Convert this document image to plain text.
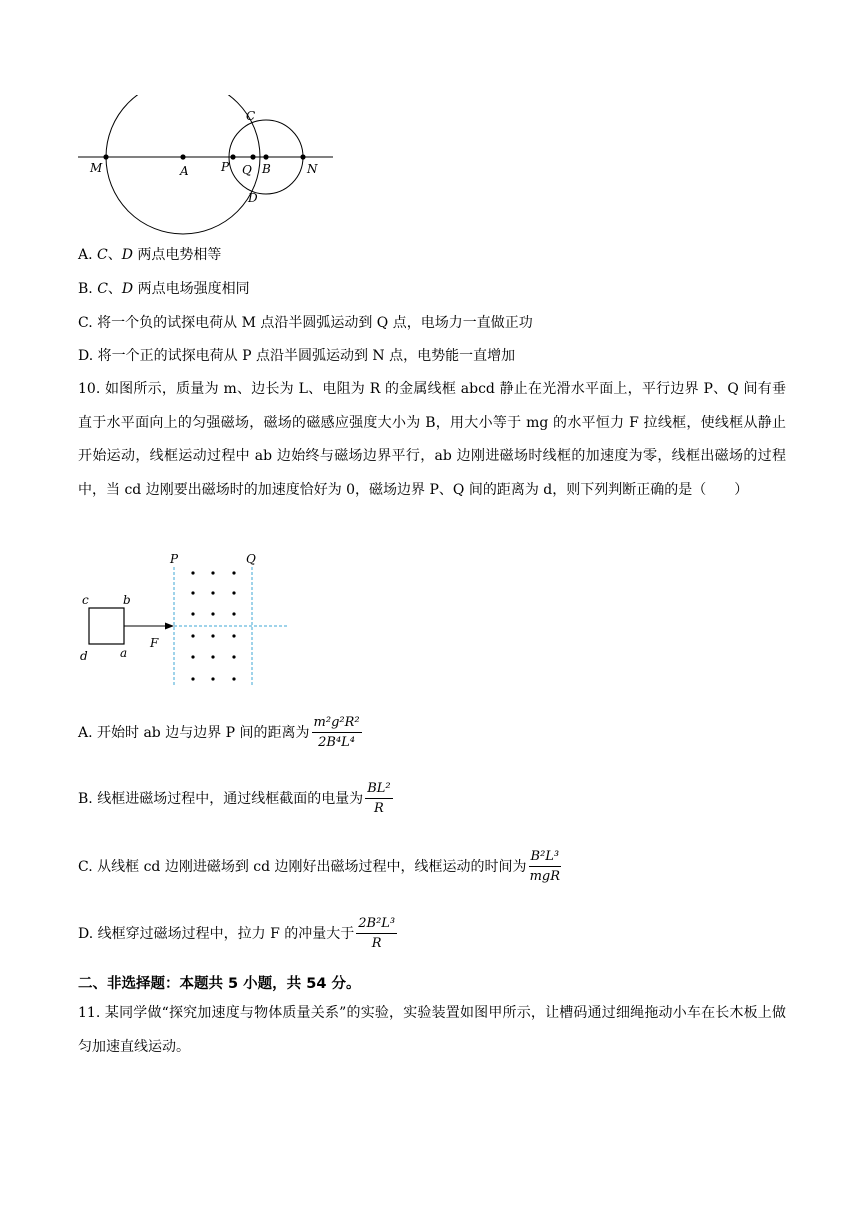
M	A	P Q B	N
C
D
A. C、D 两点电势相等
B. C、D 两点电场强度相同
C. 将一个负的试探电荷从 M 点沿半圆弧运动到 Q 点，电场力一直做正功
D. 将一个正的试探电荷从 P 点沿半圆弧运动到 N 点，电势能一直增加
10. 如图所示，质量为 m、边长为 L、电阻为 R 的金属线框 abcd 静止在光滑水平面上，平行边界 P、Q 间有垂直于水平面向上的匀强磁场，磁场的磁感应强度大小为 B，用大小等于 mg 的水平恒力 F 拉线框，使线框从静止开始运动，线框运动过程中 ab 边始终与磁场边界平行，ab 边刚进磁场时线框的加速度为零，线框出磁场的过程中，当 cd 边刚要出磁场时的加速度恰好为 0，磁场边界 P、Q 间的距离为 d，则下列判断正确的是（　　）
P	Q
c	b
d	a
F
A. 开始时 ab 边与边界 P 间的距离为 $\frac{\text{m²g²R²}}{\text{2B⁴L⁴}}$
B. 线框进磁场过程中，通过线框截面的电量为 $\frac{\text{BL²}}{R}$
C. 从线框 cd 边刚进磁场到 cd 边刚好出磁场过程中，线框运动的时间为 $\frac{\text{B²L³}}{\text{mgR}}$
D. 线框穿过磁场过程中，拉力 F 的冲量大于 $\frac{\text{2B²L³}}{R}$
二、非选择题：本题共 5 小题，共 54 分。
11. 某同学做“探究加速度与物体质量关系”的实验，实验装置如图甲所示，让槽码通过细绳拖动小车在长木板上做匀加速直线运动。
